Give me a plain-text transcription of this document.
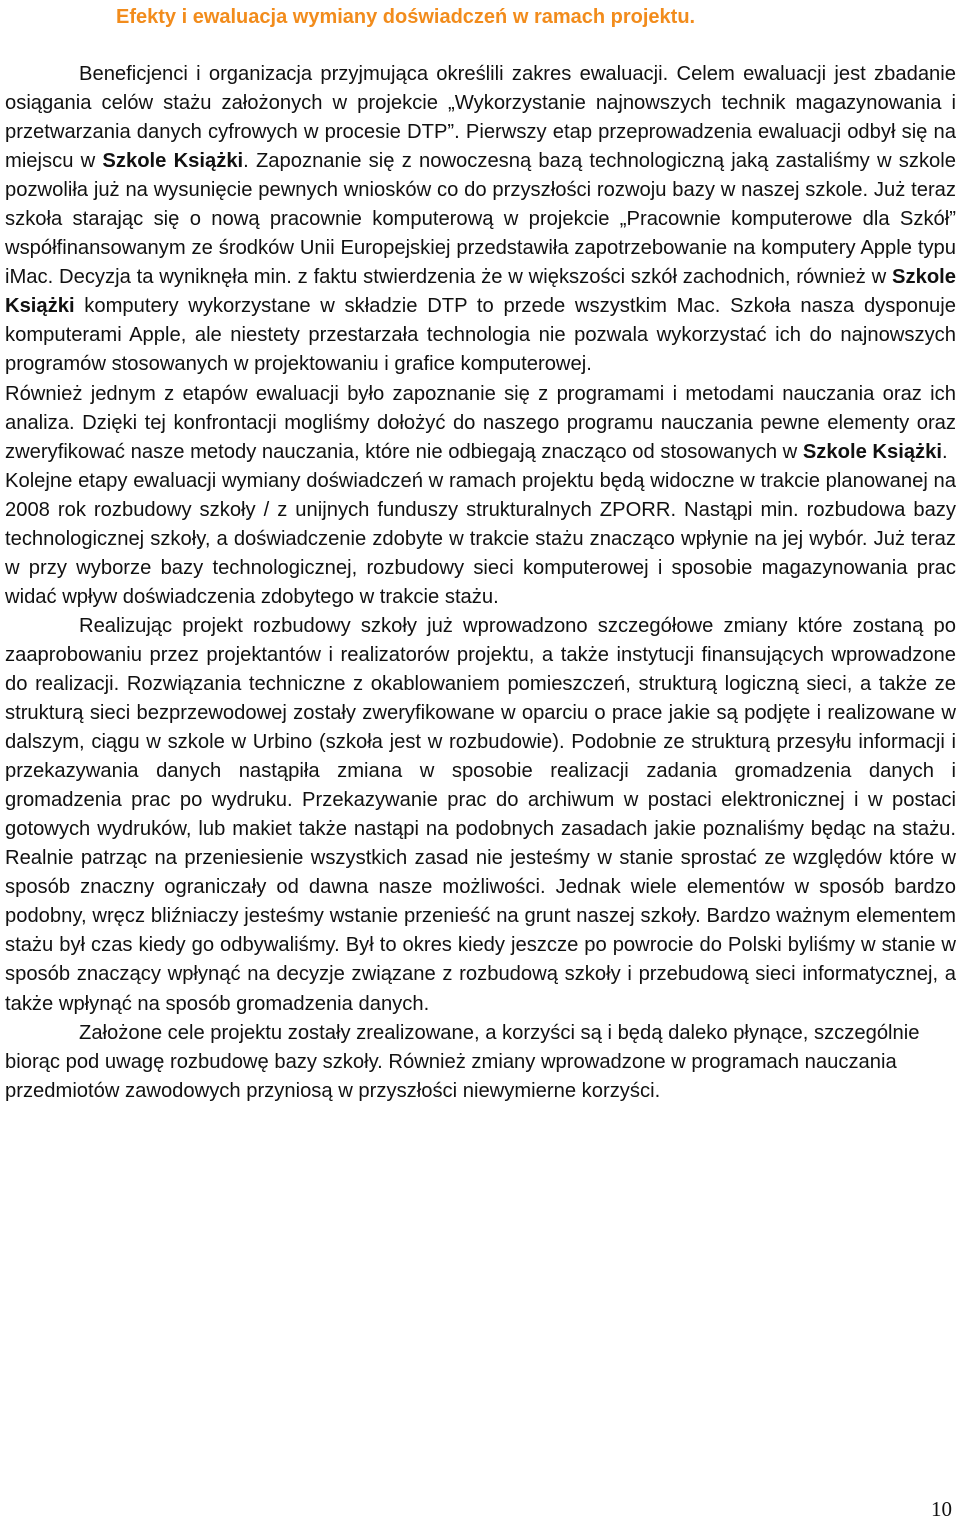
Efekty i ewaluacja wymiany doświadczeń w ramach projektu.

Beneficjenci i organizacja przyjmująca określili zakres ewaluacji. Celem ewaluacji jest zbadanie osiągania celów stażu założonych w projekcie „Wykorzystanie najnowszych technik magazynowania i przetwarzania danych cyfrowych w procesie DTP”. Pierwszy etap przeprowadzenia ewaluacji odbył się na miejscu w Szkole Książki. Zapoznanie się z nowoczesną bazą technologiczną jaką zastaliśmy w szkole pozwoliła już na wysunięcie pewnych wniosków co do przyszłości rozwoju bazy w naszej szkole. Już teraz szkoła starając się o nową pracownie komputerową w projekcie „Pracownie komputerowe dla Szkół” współfinansowanym ze środków Unii Europejskiej przedstawiła zapotrzebowanie na komputery Apple typu iMac. Decyzja ta wyniknęła min. z faktu stwierdzenia że w większości szkół zachodnich, również w Szkole Książki komputery wykorzystane w składzie DTP to przede wszystkim Mac. Szkoła nasza dysponuje komputerami Apple, ale niestety przestarzała technologia nie pozwala wykorzystać ich do najnowszych programów stosowanych w projektowaniu i grafice komputerowej.

Również jednym z etapów ewaluacji było zapoznanie się z programami i metodami nauczania oraz ich analiza. Dzięki tej konfrontacji mogliśmy dołożyć do naszego programu nauczania pewne elementy oraz zweryfikować nasze metody nauczania, które nie odbiegają znacząco od stosowanych w Szkole Książki.

Kolejne etapy ewaluacji wymiany doświadczeń w ramach projektu będą widoczne w trakcie planowanej na 2008 rok rozbudowy szkoły / z unijnych funduszy strukturalnych ZPORR. Nastąpi min. rozbudowa bazy technologicznej szkoły, a doświadczenie zdobyte w trakcie stażu znacząco wpłynie na jej wybór. Już teraz w przy wyborze bazy technologicznej, rozbudowy sieci komputerowej i sposobie magazynowania prac widać wpływ doświadczenia zdobytego w trakcie stażu.

Realizując projekt rozbudowy szkoły już wprowadzono szczegółowe zmiany które zostaną po zaaprobowaniu przez projektantów i realizatorów projektu, a także instytucji finansujących wprowadzone do realizacji. Rozwiązania techniczne z okablowaniem pomieszczeń, strukturą logiczną sieci, a także ze strukturą sieci bezprzewodowej zostały zweryfikowane w oparciu o prace jakie są podjęte i realizowane w dalszym, ciągu w szkole w Urbino (szkoła jest w rozbudowie). Podobnie ze strukturą przesyłu informacji i przekazywania danych nastąpiła zmiana w sposobie realizacji zadania gromadzenia danych i gromadzenia prac po wydruku. Przekazywanie prac do archiwum w postaci elektronicznej i w postaci gotowych wydruków, lub makiet także nastąpi na podobnych zasadach jakie poznaliśmy będąc na stażu. Realnie patrząc na przeniesienie wszystkich zasad nie jesteśmy w stanie sprostać ze względów które w sposób znaczny ograniczały od dawna nasze możliwości. Jednak wiele elementów w sposób bardzo podobny, wręcz bliźniaczy jesteśmy wstanie przenieść na grunt naszej szkoły. Bardzo ważnym elementem stażu był czas kiedy go odbywaliśmy. Był to okres kiedy jeszcze po powrocie do Polski byliśmy w stanie w sposób znaczący wpłynąć na decyzje związane z rozbudową szkoły i przebudową sieci informatycznej, a także wpłynąć na sposób gromadzenia danych.

Założone cele projektu zostały zrealizowane, a korzyści są i będą daleko płynące, szczególnie biorąc pod uwagę rozbudowę bazy szkoły. Również zmiany wprowadzone w programach nauczania przedmiotów zawodowych przyniosą w przyszłości niewymierne korzyści.

10
